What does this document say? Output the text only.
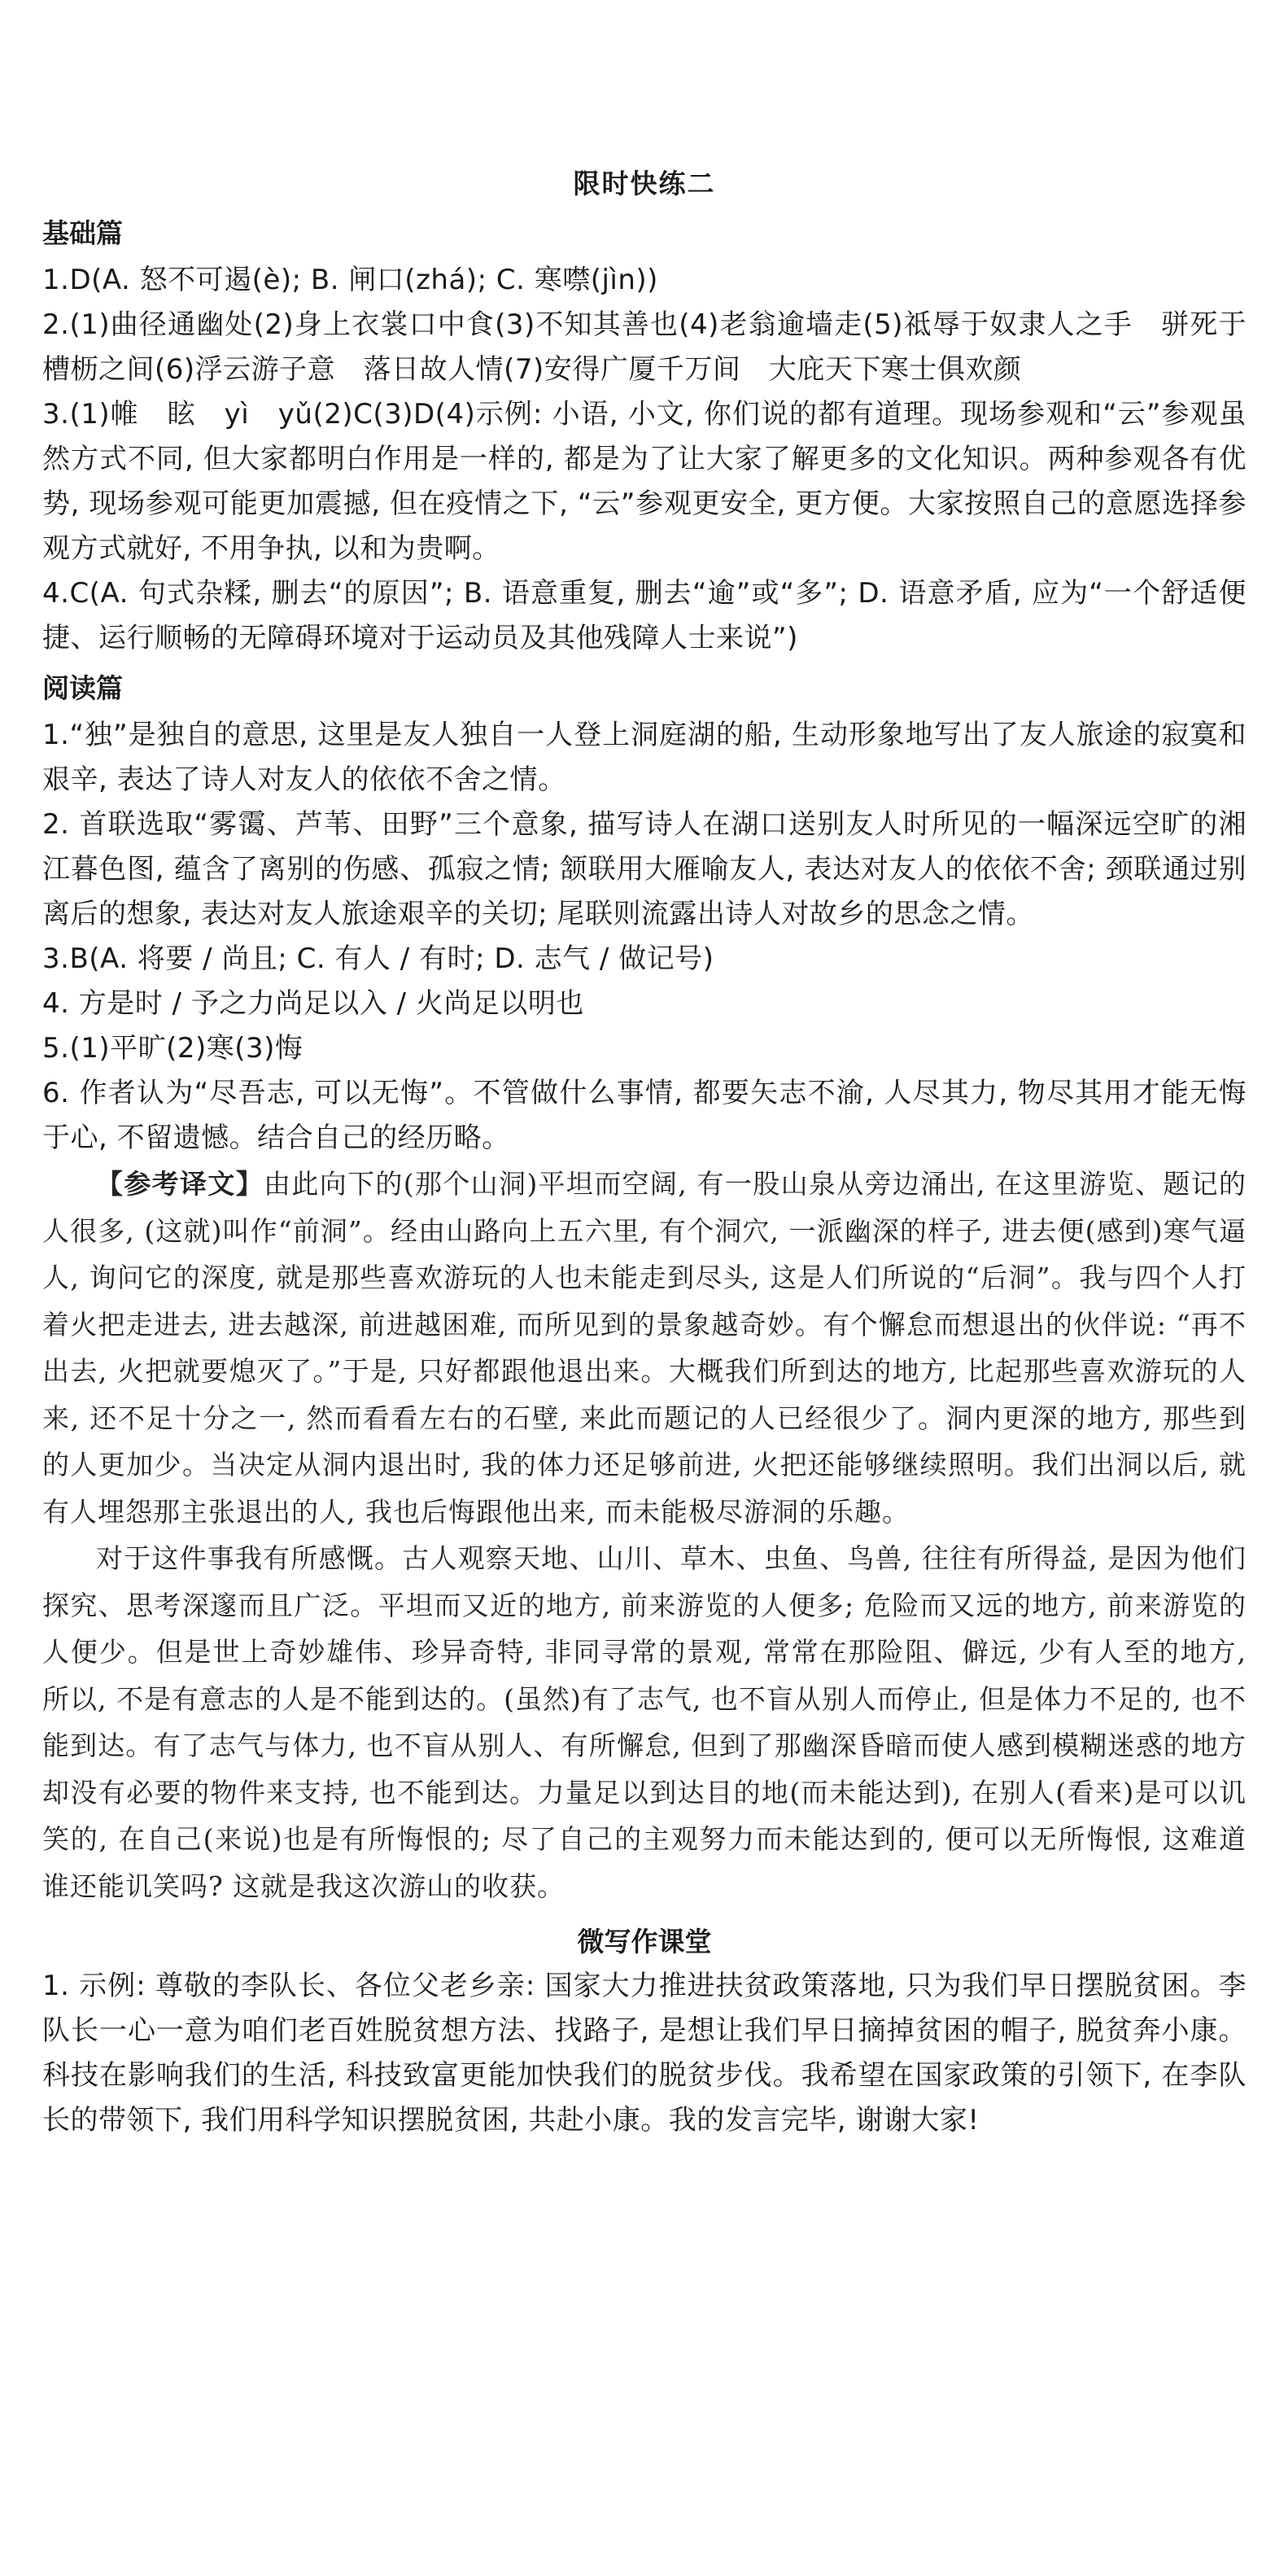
限时快练二
基础篇

1.D(A. 怒不可遏(è); B. 闸口(zhá); C. 寒噤(jìn))

2.(1)曲径通幽处(2)身上衣裳口中食(3)不知其善也(4)老翁逾墙走(5)祗辱于奴隶人之手　骈死于槽枥之间(6)浮云游子意　落日故人情(7)安得广厦千万间　大庇天下寒士俱欢颜

3.(1)帷　眩　yì　yǔ(2)C(3)D(4)示例: 小语, 小文, 你们说的都有道理。现场参观和“云”参观虽然方式不同, 但大家都明白作用是一样的, 都是为了让大家了解更多的文化知识。两种参观各有优势, 现场参观可能更加震撼, 但在疫情之下, “云”参观更安全, 更方便。大家按照自己的意愿选择参观方式就好, 不用争执, 以和为贵啊。

4.C(A. 句式杂糅, 删去“的原因”; B. 语意重复, 删去“逾”或“多”; D. 语意矛盾, 应为“一个舒适便捷、运行顺畅的无障碍环境对于运动员及其他残障人士来说”)

阅读篇

1.“独”是独自的意思, 这里是友人独自一人登上洞庭湖的船, 生动形象地写出了友人旅途的寂寞和艰辛, 表达了诗人对友人的依依不舍之情。

2. 首联选取“雾霭、芦苇、田野”三个意象, 描写诗人在湖口送别友人时所见的一幅深远空旷的湘江暮色图, 蕴含了离别的伤感、孤寂之情; 颔联用大雁喻友人, 表达对友人的依依不舍; 颈联通过别离后的想象, 表达对友人旅途艰辛的关切; 尾联则流露出诗人对故乡的思念之情。

3.B(A. 将要 / 尚且; C. 有人 / 有时; D. 志气 / 做记号)

4. 方是时 / 予之力尚足以入 / 火尚足以明也

5.(1)平旷(2)寒(3)悔

6. 作者认为“尽吾志, 可以无悔”。不管做什么事情, 都要矢志不渝, 人尽其力, 物尽其用才能无悔于心, 不留遗憾。结合自己的经历略。

【参考译文】由此向下的(那个山洞)平坦而空阔, 有一股山泉从旁边涌出, 在这里游览、题记的人很多, (这就)叫作“前洞”。经由山路向上五六里, 有个洞穴, 一派幽深的样子, 进去便(感到)寒气逼人, 询问它的深度, 就是那些喜欢游玩的人也未能走到尽头, 这是人们所说的“后洞”。我与四个人打着火把走进去, 进去越深, 前进越困难, 而所见到的景象越奇妙。有个懈怠而想退出的伙伴说: “再不出去, 火把就要熄灭了。”于是, 只好都跟他退出来。大概我们所到达的地方, 比起那些喜欢游玩的人来, 还不足十分之一, 然而看看左右的石壁, 来此而题记的人已经很少了。洞内更深的地方, 那些到的人更加少。当决定从洞内退出时, 我的体力还足够前进, 火把还能够继续照明。我们出洞以后, 就有人埋怨那主张退出的人, 我也后悔跟他出来, 而未能极尽游洞的乐趣。

对于这件事我有所感慨。古人观察天地、山川、草木、虫鱼、鸟兽, 往往有所得益, 是因为他们探究、思考深邃而且广泛。平坦而又近的地方, 前来游览的人便多; 危险而又远的地方, 前来游览的人便少。但是世上奇妙雄伟、珍异奇特, 非同寻常的景观, 常常在那险阻、僻远, 少有人至的地方, 所以, 不是有意志的人是不能到达的。(虽然)有了志气, 也不盲从别人而停止, 但是体力不足的, 也不能到达。有了志气与体力, 也不盲从别人、有所懈怠, 但到了那幽深昏暗而使人感到模糊迷惑的地方却没有必要的物件来支持, 也不能到达。力量足以到达目的地(而未能达到), 在别人(看来)是可以讥笑的, 在自己(来说)也是有所悔恨的; 尽了自己的主观努力而未能达到的, 便可以无所悔恨, 这难道谁还能讥笑吗? 这就是我这次游山的收获。

微写作课堂

1. 示例: 尊敬的李队长、各位父老乡亲: 国家大力推进扶贫政策落地, 只为我们早日摆脱贫困。李队长一心一意为咱们老百姓脱贫想方法、找路子, 是想让我们早日摘掉贫困的帽子, 脱贫奔小康。科技在影响我们的生活, 科技致富更能加快我们的脱贫步伐。我希望在国家政策的引领下, 在李队长的带领下, 我们用科学知识摆脱贫困, 共赴小康。我的发言完毕, 谢谢大家!
